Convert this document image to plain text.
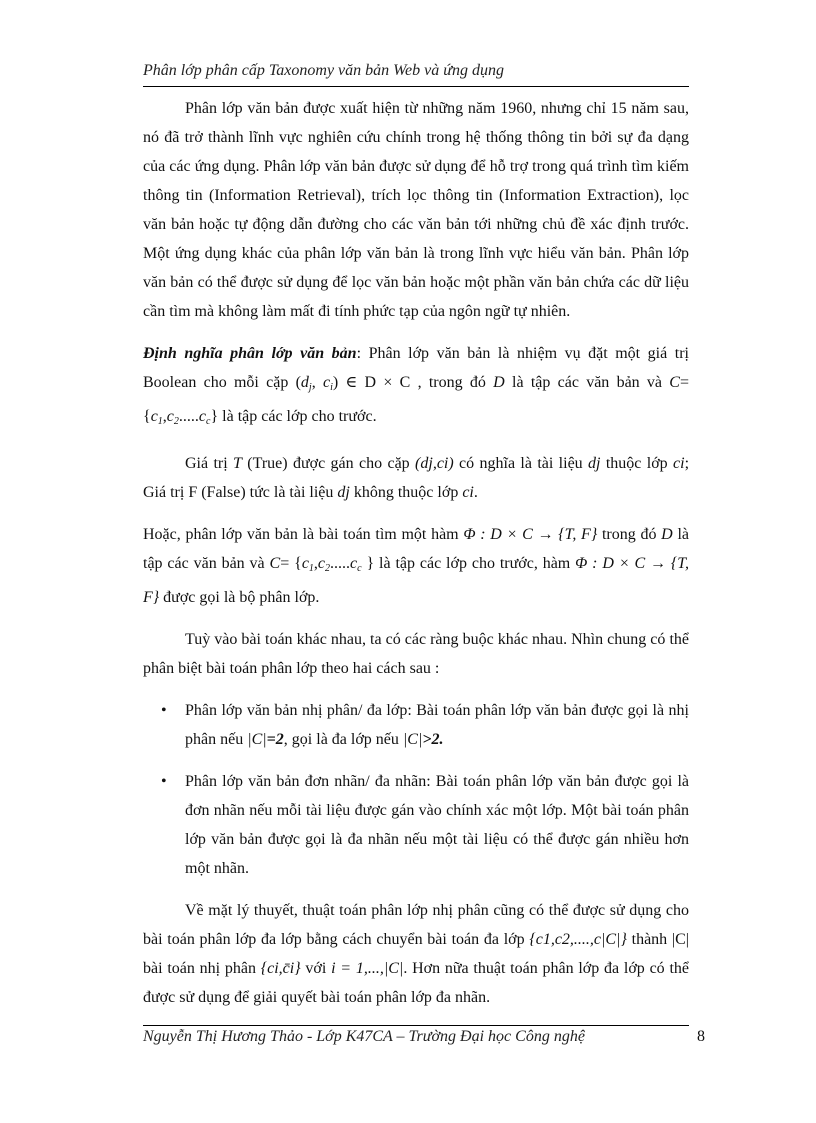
Phân lớp phân cấp Taxonomy văn bản Web và ứng dụng

Phân lớp văn bản được xuất hiện từ những năm 1960, nhưng chỉ 15 năm sau, nó đã trở thành lĩnh vực nghiên cứu chính trong hệ thống thông tin bởi sự đa dạng của các ứng dụng. Phân lớp văn bản được sử dụng để hỗ trợ trong quá trình tìm kiếm thông tin (Information Retrieval), trích lọc thông tin (Information Extraction), lọc văn bản hoặc tự động dẫn đường cho các văn bản tới những chủ đề xác định trước. Một ứng dụng khác của phân lớp văn bản là trong lĩnh vực hiểu văn bản. Phân lớp văn bản có thể được sử dụng để lọc văn bản hoặc một phần văn bản chứa các dữ liệu cần tìm mà không làm mất đi tính phức tạp của ngôn ngữ tự nhiên.

Định nghĩa phân lớp văn bản: Phân lớp văn bản là nhiệm vụ đặt một giá trị Boolean cho mỗi cặp ($d_j$, $c_i$) ∈ D × C , trong đó D là tập các văn bản và $C= \{c_1,c_2.....c_c\}$ là tập các lớp cho trước.

Giá trị T (True) được gán cho cặp (dj,ci) có nghĩa là tài liệu dj thuộc lớp ci; Giá trị F (False) tức là tài liệu dj không thuộc lớp ci.

Hoặc, phân lớp văn bản là bài toán tìm một hàm Φ : D × C → {T, F} trong đó D là tập các văn bản và $C= \{c_1,c_2.....c_c$ } là tập các lớp cho trước, hàm Φ : D × C → {T, F} được gọi là bộ phân lớp.

Tuỳ vào bài toán khác nhau, ta có các ràng buộc khác nhau. Nhìn chung có thể phân biệt bài toán phân lớp theo hai cách sau :

• Phân lớp văn bản nhị phân/ đa lớp: Bài toán phân lớp văn bản được gọi là nhị phân nếu |C|=2, gọi là đa lớp nếu |C|>2.
• Phân lớp văn bản đơn nhãn/ đa nhãn: Bài toán phân lớp văn bản được gọi là đơn nhãn nếu mỗi tài liệu được gán vào chính xác một lớp. Một bài toán phân lớp văn bản được gọi là đa nhãn nếu một tài liệu có thể được gán nhiều hơn một nhãn.

Về mặt lý thuyết, thuật toán phân lớp nhị phân cũng có thể được sử dụng cho bài toán phân lớp đa lớp bằng cách chuyển bài toán đa lớp {c1,c2,....,c|C|} thành |C| bài toán nhị phân {ci,c̄i} với i = 1,...,|C|. Hơn nữa thuật toán phân lớp đa lớp có thể được sử dụng để giải quyết bài toán phân lớp đa nhãn.

Nguyễn Thị Hương Thảo - Lớp K47CA – Trường Đại học Công nghệ	8
